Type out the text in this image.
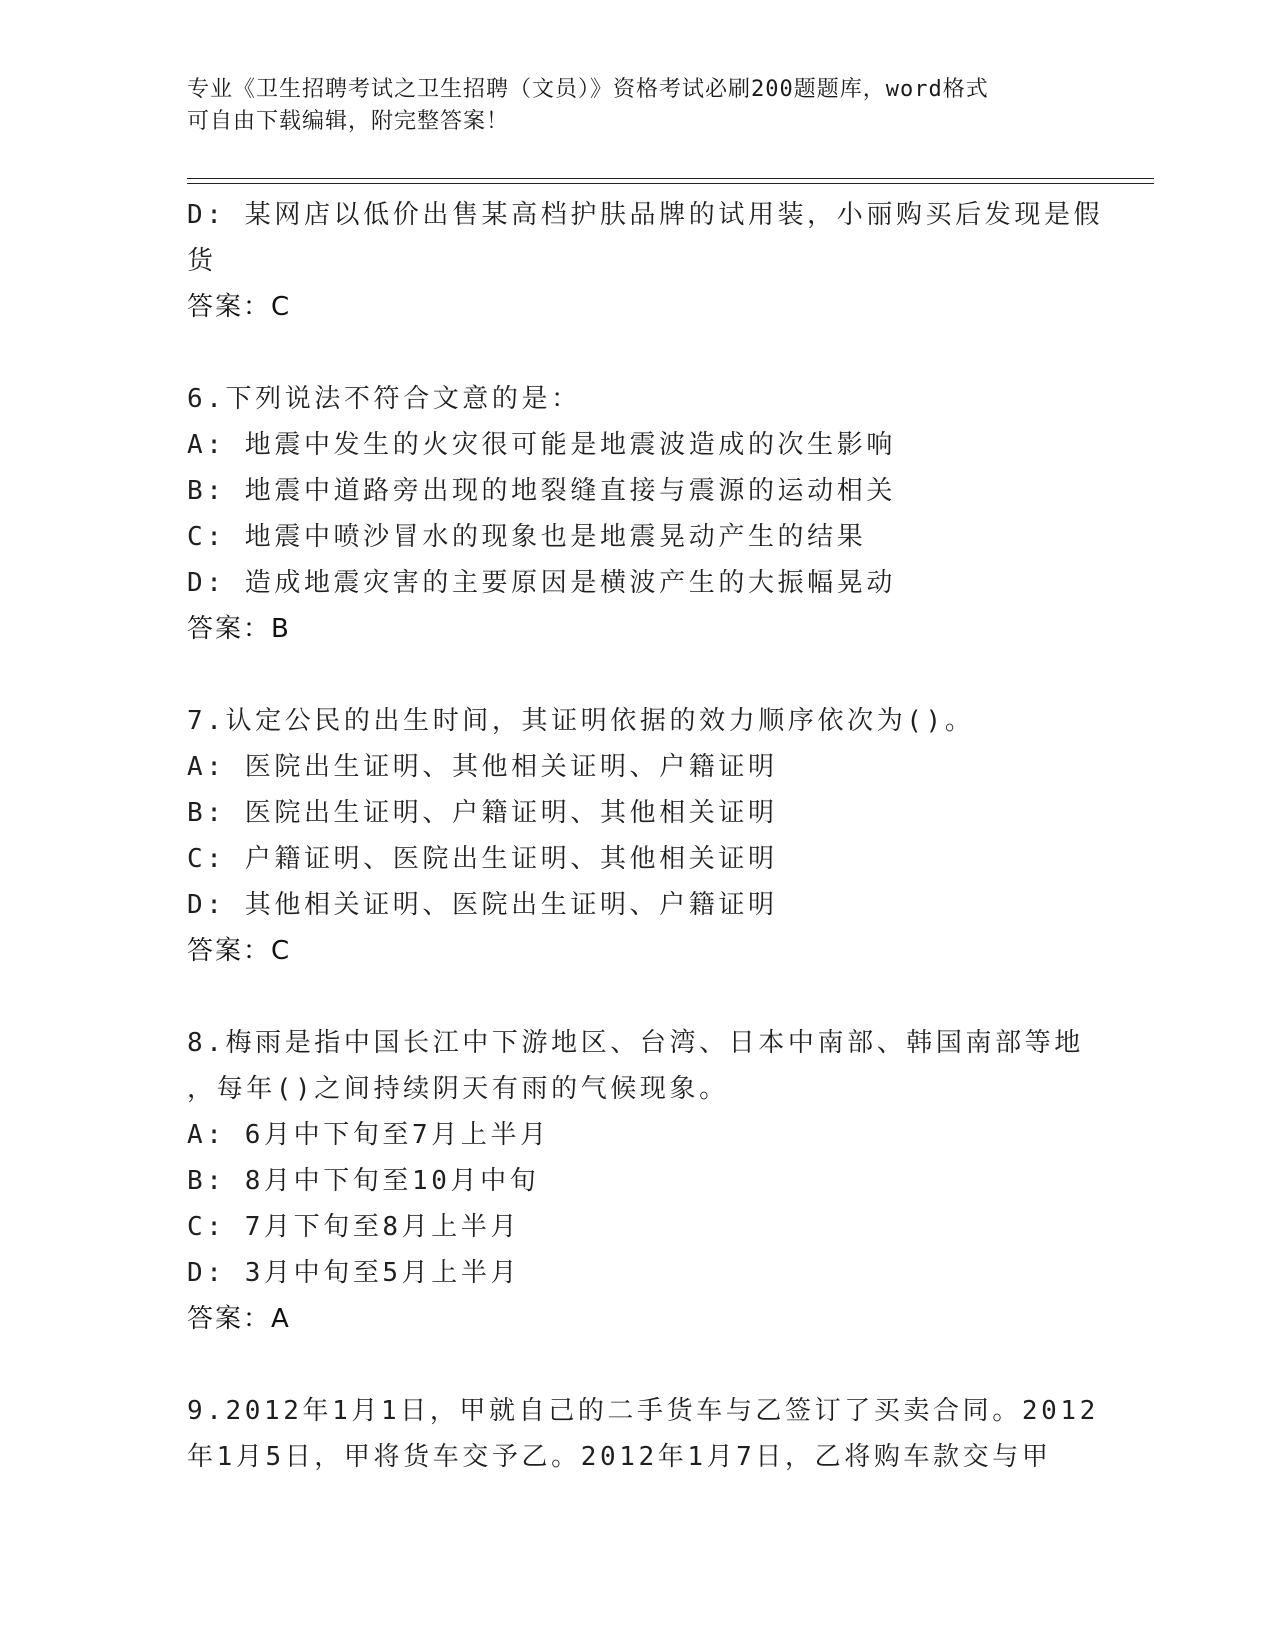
专业《卫生招聘考试之卫生招聘（文员）》资格考试必刷200题题库，word格式
可自由下载编辑，附完整答案！
D: 某网店以低价出售某高档护肤品牌的试用装，小丽购买后发现是假
货
答案：C
6.下列说法不符合文意的是：
A: 地震中发生的火灾很可能是地震波造成的次生影响
B: 地震中道路旁出现的地裂缝直接与震源的运动相关
C: 地震中喷沙冒水的现象也是地震晃动产生的结果
D: 造成地震灾害的主要原因是横波产生的大振幅晃动
答案：B
7.认定公民的出生时间，其证明依据的效力顺序依次为()。
A: 医院出生证明、其他相关证明、户籍证明
B: 医院出生证明、户籍证明、其他相关证明
C: 户籍证明、医院出生证明、其他相关证明
D: 其他相关证明、医院出生证明、户籍证明
答案：C
8.梅雨是指中国长江中下游地区、台湾、日本中南部、韩国南部等地
，每年()之间持续阴天有雨的气候现象。
A: 6月中下旬至7月上半月
B: 8月中下旬至10月中旬
C: 7月下旬至8月上半月
D: 3月中旬至5月上半月
答案：A
9.2012年1月1日，甲就自己的二手货车与乙签订了买卖合同。2012
年1月5日，甲将货车交予乙。2012年1月7日，乙将购车款交与甲
